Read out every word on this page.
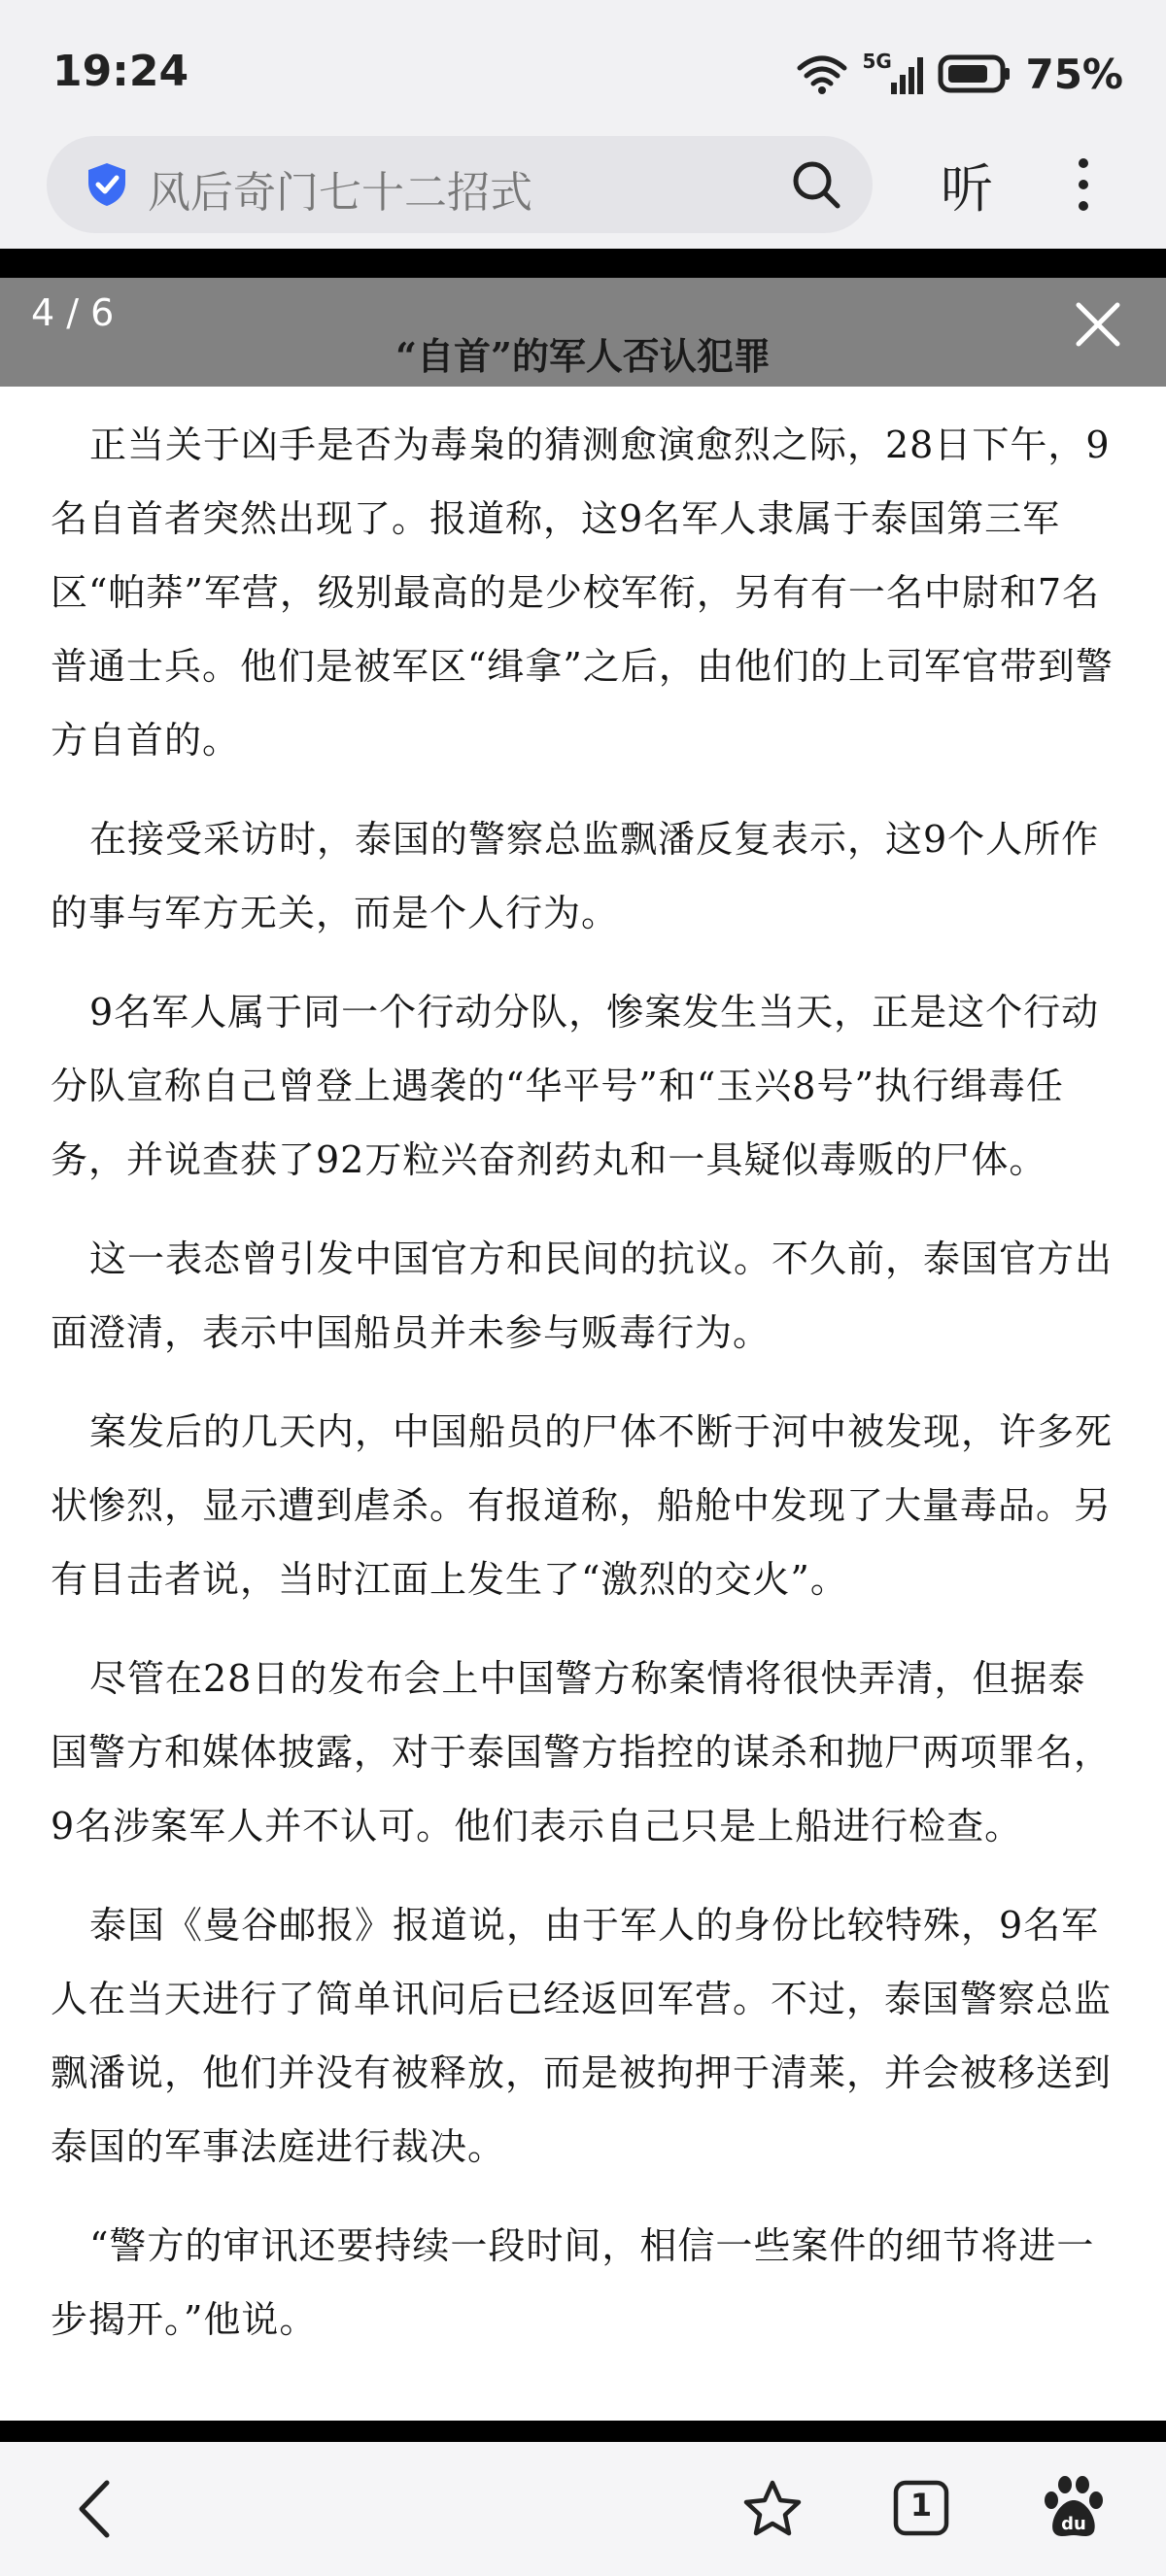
19:24	5G	75%
风后奇门七十二招式	听
4 / 6
“自首”的军人否认犯罪

正当关于凶手是否为毒枭的猜测愈演愈烈之际，28日下午，9名自首者突然出现了。报道称，这9名军人隶属于泰国第三军区“帕莽”军营，级别最高的是少校军衔，另有有一名中尉和7名普通士兵。他们是被军区“缉拿”之后，由他们的上司军官带到警方自首的。

在接受采访时，泰国的警察总监飘潘反复表示，这9个人所作的事与军方无关，而是个人行为。

9名军人属于同一个行动分队，惨案发生当天，正是这个行动分队宣称自己曾登上遇袭的“华平号”和“玉兴8号”执行缉毒任务，并说查获了92万粒兴奋剂药丸和一具疑似毒贩的尸体。

这一表态曾引发中国官方和民间的抗议。不久前，泰国官方出面澄清，表示中国船员并未参与贩毒行为。

案发后的几天内，中国船员的尸体不断于河中被发现，许多死状惨烈，显示遭到虐杀。有报道称，船舱中发现了大量毒品。另有目击者说，当时江面上发生了“激烈的交火”。

尽管在28日的发布会上中国警方称案情将很快弄清，但据泰国警方和媒体披露，对于泰国警方指控的谋杀和抛尸两项罪名，9名涉案军人并不认可。他们表示自己只是上船进行检查。

泰国《曼谷邮报》报道说，由于军人的身份比较特殊，9名军人在当天进行了简单讯问后已经返回军营。不过，泰国警察总监飘潘说，他们并没有被释放，而是被拘押于清莱，并会被移送到泰国的军事法庭进行裁决。

“警方的审讯还要持续一段时间，相信一些案件的细节将进一步揭开。”他说。

1
du
